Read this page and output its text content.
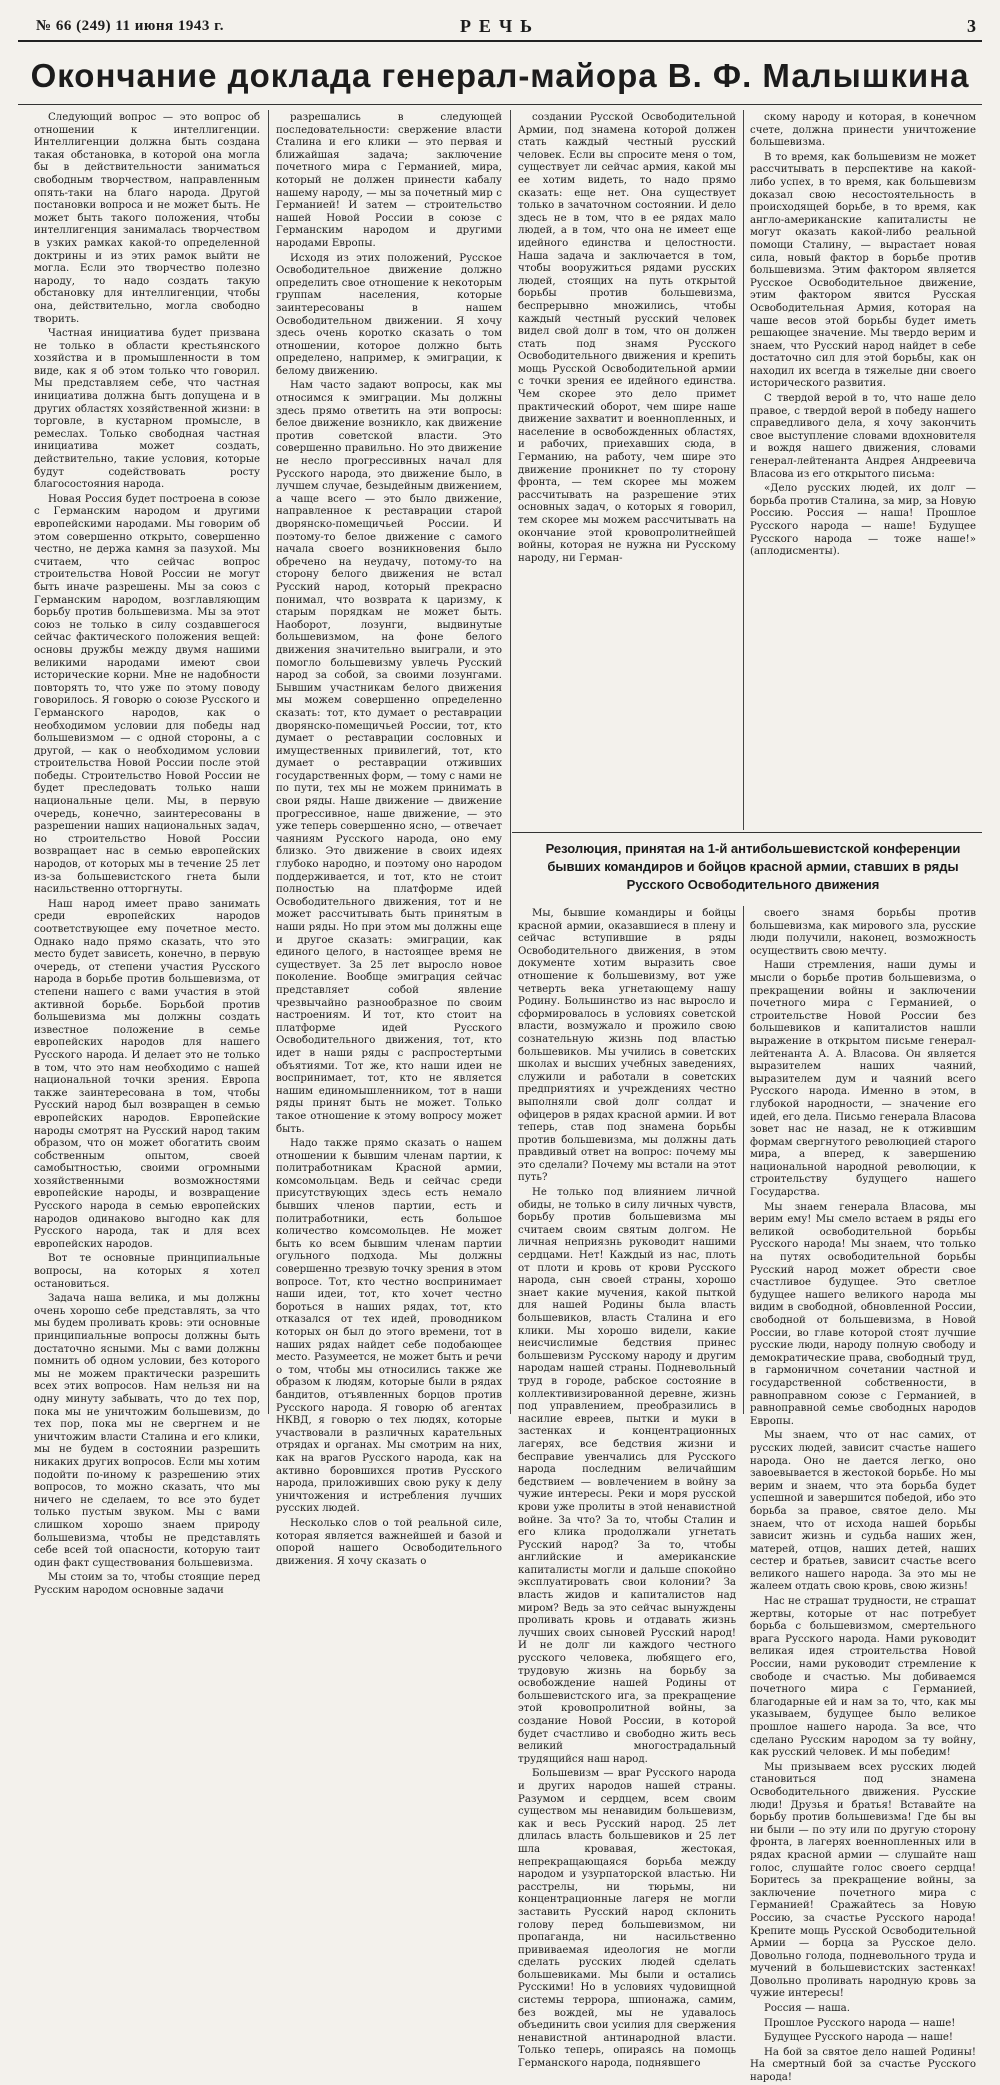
№ 66 (249) 11 июня 1943 г.	РЕЧЬ	3
Окончание доклада генерал-майора В. Ф. Малышкина

Следующий вопрос — это вопрос об отношении к интеллигенции. Интеллигенции должна быть создана такая обстановка, в которой она могла бы в действительности заниматься свободным творчеством, направленным опять-таки на благо народа. Другой постановки вопроса и не может быть. Не может быть такого положения, чтобы интеллигенция занималась творчеством в узких рамках какой-то определенной доктрины и из этих рамок выйти не могла. Если это творчество полезно народу, то надо создать такую обстановку для интеллигенции, чтобы она, действительно, могла свободно творить.

Частная инициатива будет призвана не только в области крестьянского хозяйства и в промышленности в том виде, как я об этом только что говорил. Мы представляем себе, что частная инициатива должна быть допущена и в других областях хозяйственной жизни: в торговле, в кустарном промысле, в ремеслах. Только свободная частная инициатива может создать, действительно, такие условия, которые будут содействовать росту благосостояния народа.

Новая Россия будет построена в союзе с Германским народом и другими европейскими народами. Мы говорим об этом совершенно открыто, совершенно честно, не держа камня за пазухой. Мы считаем, что сейчас вопрос строительства Новой России не могут быть иначе разрешены. Мы за союз с Германским народом, возглавляющим борьбу против большевизма. Мы за этот союз не только в силу создавшегося сейчас фактического положения вещей: основы дружбы между двумя нашими великими народами имеют свои исторические корни. Мне не надобности повторять то, что уже по этому поводу говорилось. Я говорю о союзе Русского и Германского народов, как о необходимом условии для победы над большевизмом — с одной стороны, а с другой, — как о необходимом условии строительства Новой России после этой победы. Строительство Новой России не будет преследовать только наши национальные цели. Мы, в первую очередь, конечно, заинтересованы в разрешении наших национальных задач, но строительство Новой России возвращает нас в семью европейских народов, от которых мы в течение 25 лет из-за большевистского гнета были насильственно отторгнуты.

Наш народ имеет право занимать среди европейских народов соответствующее ему почетное место. Однако надо прямо сказать, что это место будет зависеть, конечно, в первую очередь, от степени участия Русского народа в борьбе против большевизма, от степени нашего с вами участия в этой активной борьбе. Борьбой против большевизма мы должны создать известное положение в семье европейских народов для нашего Русского народа. И делает это не только в том, что это нам необходимо с нашей национальной точки зрения. Европа также заинтересована в том, чтобы Русский народ был возвращен в семью европейских народов. Европейские народы смотрят на Русский народ таким образом, что он может обогатить своим собственным опытом, своей самобытностью, своими огромными хозяйственными возможностями европейские народы, и возвращение Русского народа в семью европейских народов одинаково выгодно как для Русского народа, так и для всех европейских народов.

Вот те основные принципиальные вопросы, на которых я хотел остановиться.

Задача наша велика, и мы должны очень хорошо себе представлять, за что мы будем проливать кровь: эти основные принципиальные вопросы должны быть достаточно ясными. Мы с вами должны помнить об одном условии, без которого мы не можем практически разрешить всех этих вопросов. Нам нельзя ни на одну минуту забывать, что до тех пор, пока мы не уничтожим большевизм, до тех пор, пока мы не свергнем и не уничтожим власти Сталина и его клики, мы не будем в состоянии разрешить никаких других вопросов. Если мы хотим подойти по-иному к разрешению этих вопросов, то можно сказать, что мы ничего не сделаем, то все это будет только пустым звуком. Мы с вами слишком хорошо знаем природу большевизма, чтобы не представлять себе всей той опасности, которую таит один факт существования большевизма.

Мы стоим за то, чтобы стоящие перед Русским народом основные задачи

разрешались в следующей последовательности: свержение власти Сталина и его клики — это первая и ближайшая задача; заключение почетного мира с Германией, мира, который не должен принести кабалу нашему народу, — мы за почетный мир с Германией! И затем — строительство нашей Новой России в союзе с Германским народом и другими народами Европы.

Исходя из этих положений, Русское Освободительное движение должно определить свое отношение к некоторым группам населения, которые заинтересованы в нашем Освободительном движении. Я хочу здесь очень коротко сказать о том отношении, которое должно быть определено, например, к эмиграции, к белому движению.

Нам часто задают вопросы, как мы относимся к эмиграции. Мы должны здесь прямо ответить на эти вопросы: белое движение возникло, как движение против советской власти. Это совершенно правильно. Но это движение не несло прогрессивных начал для Русского народа, это движение было, в лучшем случае, безыдейным движением, а чаще всего — это было движение, направленное к реставрации старой дворянско-помещичьей России. И поэтому-то белое движение с самого начала своего возникновения было обречено на неудачу, потому-то на сторону белого движения не встал Русский народ, который прекрасно понимал, что возврата к царизму, к старым порядкам не может быть. Наоборот, лозунги, выдвинутые большевизмом, на фоне белого движения значительно выиграли, и это помогло большевизму увлечь Русский народ за собой, за своими лозунгами. Бывшим участникам белого движения мы можем совершенно определенно сказать: тот, кто думает о реставрации дворянско-помещичьей России, тот, кто думает о реставрации сословных и имущественных привилегий, тот, кто думает о реставрации отживших государственных форм, — тому с нами не по пути, тех мы не можем принимать в свои ряды. Наше движение — движение прогрессивное, наше движение, — это уже теперь совершенно ясно, — отвечает чаяниям Русского народа, оно ему близко. Это движение в своих идеях глубоко народно, и поэтому оно народом поддерживается, и тот, кто не стоит полностью на платформе идей Освободительного движения, тот и не может рассчитывать быть принятым в наши ряды. Но при этом мы должны еще и другое сказать: эмиграции, как единого целого, в настоящее время не существует. За 25 лет выросло новое поколение. Вообще эмиграция сейчас представляет собой явление чрезвычайно разнообразное по своим настроениям. И тот, кто стоит на платформе идей Русского Освободительного движения, тот, кто идет в наши ряды с распростертыми объятиями. Тот же, кто наши идеи не воспринимает, тот, кто не является нашим единомышленником, тот в наши ряды принят быть не может. Только такое отношение к этому вопросу может быть.

Надо также прямо сказать о нашем отношении к бывшим членам партии, к политработникам Красной армии, комсомольцам. Ведь и сейчас среди присутствующих здесь есть немало бывших членов партии, есть и политработники, есть большое количество комсомольцев. Не может быть ко всем бывшим членам партии огульного подхода. Мы должны совершенно трезвую точку зрения в этом вопросе. Тот, кто честно воспринимает наши идеи, тот, кто хочет честно бороться в наших рядах, тот, кто отказался от тех идей, проводником которых он был до этого времени, тот в наших рядах найдет себе подобающее место. Разумеется, не может быть и речи о том, чтобы мы относились также же образом к людям, которые были в рядах бандитов, отъявленных борцов против Русского народа. Я говорю об агентах НКВД, я говорю о тех людях, которые участвовали в различных карательных отрядах и органах. Мы смотрим на них, как на врагов Русского народа, как на активно боровшихся против Русского народа, приложивших свою руку к делу уничтожения и истребления лучших русских людей.

Несколько слов о той реальной силе, которая является важнейшей и базой и опорой нашего Освободительного движения. Я хочу сказать о

создании Русской Освободительной Армии, под знамена которой должен стать каждый честный русский человек. Если вы спросите меня о том, существует ли сейчас армия, какой мы ее хотим видеть, то надо прямо сказать: еще нет. Она существует только в зачаточном состоянии. И дело здесь не в том, что в ее рядах мало людей, а в том, что она не имеет еще идейного единства и целостности. Наша задача и заключается в том, чтобы вооружиться рядами русских людей, стоящих на путь открытой борьбы против большевизма, беспрерывно множились, чтобы каждый честный русский человек видел свой долг в том, что он должен стать под знамя Русского Освободительного движения и крепить мощь Русской Освободительной армии с точки зрения ее идейного единства. Чем скорее это дело примет практический оборот, чем шире наше движение захватит и военнопленных, и население в освобожденных областях, и рабочих, приехавших сюда, в Германию, на работу, чем шире это движение проникнет по ту сторону фронта, — тем скорее мы можем рассчитывать на разрешение этих основных задач, о которых я говорил, тем скорее мы можем рассчитывать на окончание этой кровопролитнейшей войны, которая не нужна ни Русскому народу, ни Герман-

скому народу и которая, в конечном счете, должна принести уничтожение большевизма.

В то время, как большевизм не может рассчитывать в перспективе на какой-либо успех, в то время, как большевизм доказал свою несостоятельность в происходящей борьбе, в то время, как англо-американские капиталисты не могут оказать какой-либо реальной помощи Сталину, — вырастает новая сила, новый фактор в борьбе против большевизма. Этим фактором является Русское Освободительное движение, этим фактором явится Русская Освободительная Армия, которая на чаше весов этой борьбы будет иметь решающее значение. Мы твердо верим и знаем, что Русский народ найдет в себе достаточно сил для этой борьбы, как он находил их всегда в тяжелые дни своего исторического развития.

С твердой верой в то, что наше дело правое, с твердой верой в победу нашего справедливого дела, я хочу закончить свое выступление словами вдохновителя и вождя нашего движения, словами генерал-лейтенанта Андрея Андреевича Власова из его открытого письма:

«Дело русских людей, их долг — борьба против Сталина, за мир, за Новую Россию. Россия — наша! Прошлое Русского народа — наше! Будущее Русского народа — тоже наше!» (аплодисменты).

Резолюция, принятая на 1-й антибольшевистской конференции бывших командиров и бойцов красной армии, ставших в ряды Русского Освободительного движения

Мы, бывшие командиры и бойцы красной армии, оказавшиеся в плену и сейчас вступившие в ряды Освободительного движения, в этом документе хотим выразить свое отношение к большевизму, вот уже четверть века угнетающему нашу Родину. Большинство из нас выросло и сформировалось в условиях советской власти, возмужало и прожило свою сознательную жизнь под властью большевиков. Мы учились в советских школах и высших учебных заведениях, служили и работали в советских предприятиях и учреждениях честно выполняли свой долг солдат и офицеров в рядах красной армии. И вот теперь, став под знамена борьбы против большевизма, мы должны дать правдивый ответ на вопрос: почему мы это сделали? Почему мы встали на этот путь?

Не только под влиянием личной обиды, не только в силу личных чувств, борьбу против большевизма мы считаем своим святым долгом. Не личная неприязнь руководит нашими сердцами. Нет! Каждый из нас, плоть от плоти и кровь от крови Русского народа, сын своей страны, хорошо знает какие мучения, какой пыткой для нашей Родины была власть большевиков, власть Сталина и его клики. Мы хорошо видели, какие неисчислимые бедствия принес большевизм Русскому народу и другим народам нашей страны. Подневольный труд в городе, рабское состояние в коллективизированной деревне, жизнь под управлением, преобразились в насилие евреев, пытки и муки в застенках и концентрационных лагерях, все бедствия жизни и бесправие увенчались для Русского народа последним величайшим бедствием — вовлечением в войну за чужие интересы. Реки и моря русской крови уже пролиты в этой ненавистной войне. За что? За то, чтобы Сталин и его клика продолжали угнетать Русский народ? За то, чтобы английские и американские капиталисты могли и дальше спокойно эксплуатировать свои колонии? За власть жидов и капиталистов над миром? Ведь за это сейчас вынуждены проливать кровь и отдавать жизнь лучших своих сыновей Русский народ! И не долг ли каждого честного русского человека, любящего его, трудовую жизнь на борьбу за освобождение нашей Родины от большевистского ига, за прекращение этой кровопролитной войны, за создание Новой России, в которой будет счастливо и свободно жить весь великий многострадальный трудящийся наш народ.

Большевизм — враг Русского народа и других народов нашей страны. Разумом и сердцем, всем своим существом мы ненавидим большевизм, как и весь Русский народ. 25 лет длилась власть большевиков и 25 лет шла кровавая, жестокая, непрекращающаяся борьба между народом и узурпаторской властью. Ни расстрелы, ни тюрьмы, ни концентрационные лагеря не могли заставить Русский народ склонить голову перед большевизмом, ни пропаганда, ни насильственно прививаемая идеология не могли сделать русских людей сделать большевиками. Мы были и остались Русскими! Но в условиях чудовищной системы террора, шпионажа, самим, без вождей, мы не удавалось объединить свои усилия для свержения ненавистной антинародной власти. Только теперь, опираясь на помощь Германского народа, поднявшего

своего знамя борьбы против большевизма, как мирового зла, русские люди получили, наконец, возможность осуществить свою мечту.

Наши стремления, наши думы и мысли о борьбе против большевизма, о прекращении войны и заключении почетного мира с Германией, о строительстве Новой России без большевиков и капиталистов нашли выражение в открытом письме генерал-лейтенанта А. А. Власова. Он является выразителем наших чаяний, выразителем дум и чаяний всего Русского народа. Именно в этом, в глубокой народности, — значение его идей, его дела. Письмо генерала Власова зовет нас не назад, не к отжившим формам свергнутого революцией старого мира, а вперед, к завершению национальной народной революции, к строительству будущего нашего Государства.

Мы знаем генерала Власова, мы верим ему! Мы смело встаем в ряды его великой освободительной борьбы Русского народа! Мы знаем, что только на путях освободительной борьбы Русский народ может обрести свое счастливое будущее. Это светлое будущее нашего великого народа мы видим в свободной, обновленной России, свободной от большевизма, в Новой России, во главе которой стоят лучшие русские люди, народу полную свободу и демократические права, свободный труд, в гармоничном сочетании частной и государственной собственности, в равноправном союзе с Германией, в равноправной семье свободных народов Европы.

Мы знаем, что от нас самих, от русских людей, зависит счастье нашего народа. Оно не дается легко, оно завоевывается в жестокой борьбе. Но мы верим и знаем, что эта борьба будет успешной и завершится победой, ибо это борьба за правое, святое дело. Мы знаем, что от исхода нашей борьбы зависит жизнь и судьба наших жен, матерей, отцов, наших детей, наших сестер и братьев, зависит счастье всего великого нашего народа. За это мы не жалеем отдать свою кровь, свою жизнь!

Нас не страшат трудности, не страшат жертвы, которые от нас потребует борьба с большевизмом, смертельного врага Русского народа. Нами руководит великая идея строительства Новой России, нами руководит стремление к свободе и счастью. Мы добиваемся почетного мира с Германией, благодарные ей и нам за то, что, как мы указываем, будущее было великое прошлое нашего народа. За все, что сделано Русским народом за ту войну, как русский человек. И мы победим!

Мы призываем всех русских людей становиться под знамена Освободительного движения. Русские люди! Друзья и братья! Вставайте на борьбу против большевизма! Где бы вы ни были — по эту или по другую сторону фронта, в лагерях военнопленных или в рядах красной армии — слушайте наш голос, слушайте голос своего сердца! Боритесь за прекращение войны, за заключение почетного мира с Германией! Сражайтесь за Новую Россию, за счастье Русского народа! Крепите мощь Русской Освободительной Армии — борца за Русское дело. Довольно голода, подневольного труда и мучений в большевистских застенках! Довольно проливать народную кровь за чужие интересы!

Россия — наша.

Прошлое Русского народа — наше!

Будущее Русского народа — наше!

На бой за святое дело нашей Родины! На смертный бой за счастье Русского народа!
